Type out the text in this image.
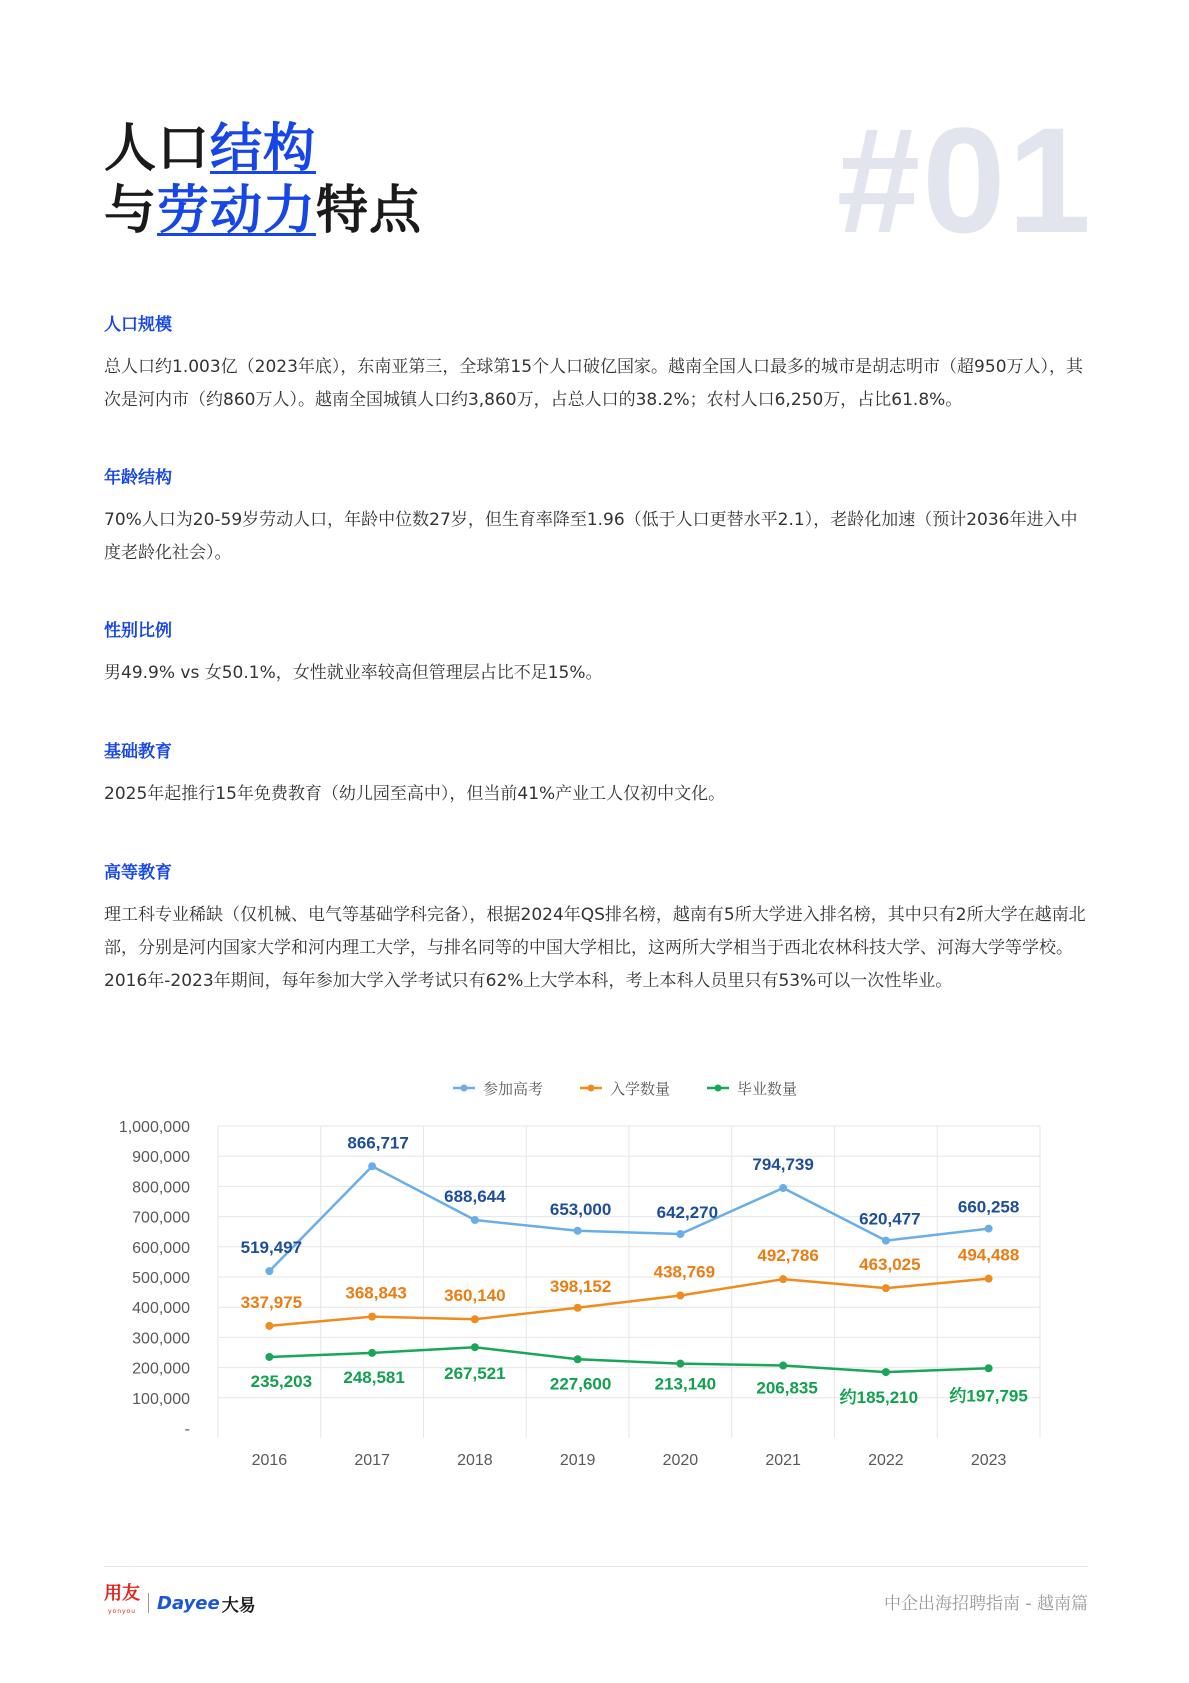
人口结构
与劳动力特点	#01
人口规模

总人口约1.003亿（2023年底），东南亚第三，全球第15个人口破亿国家。越南全国人口最多的城市是胡志明市（超950万人），其次是河内市（约860万人）。越南全国城镇人口约3,860万，占总人口的38.2%；农村人口6,250万，占比61.8%。

年龄结构

70%人口为20-59岁劳动人口，年龄中位数27岁，但生育率降至1.96（低于人口更替水平2.1），老龄化加速（预计2036年进入中度老龄化社会）。

性别比例

男49.9% vs 女50.1%，女性就业率较高但管理层占比不足15%。

基础教育

2025年起推行15年免费教育（幼儿园至高中），但当前41%产业工人仅初中文化。

高等教育

理工科专业稀缺（仅机械、电气等基础学科完备），根据2024年QS排名榜，越南有5所大学进入排名榜，其中只有2所大学在越南北部，分别是河内国家大学和河内理工大学，与排名同等的中国大学相比，这两所大学相当于西北农林科技大学、河海大学等学校。2016年-2023年期间，每年参加大学入学考试只有62%上大学本科，考上本科人员里只有53%可以一次性毕业。

-
100,000
200,000
300,000
400,000
500,000
600,000
700,000
800,000
900,000
1,000,000
2016	2017	2018	2019	2020	2021	2022	2023
参加高考	入学数量	毕业数量
519,497
866,717
688,644
653,000	642,270
794,739
620,477
660,258
337,975	368,843 360,140	398,152
438,769
492,786 463,025
494,488
235,203 248,581 267,521
227,600	213,140 206,835
约185,210 约197,795
用友
yonyou Dayee 大易	中企出海招聘指南 - 越南篇
